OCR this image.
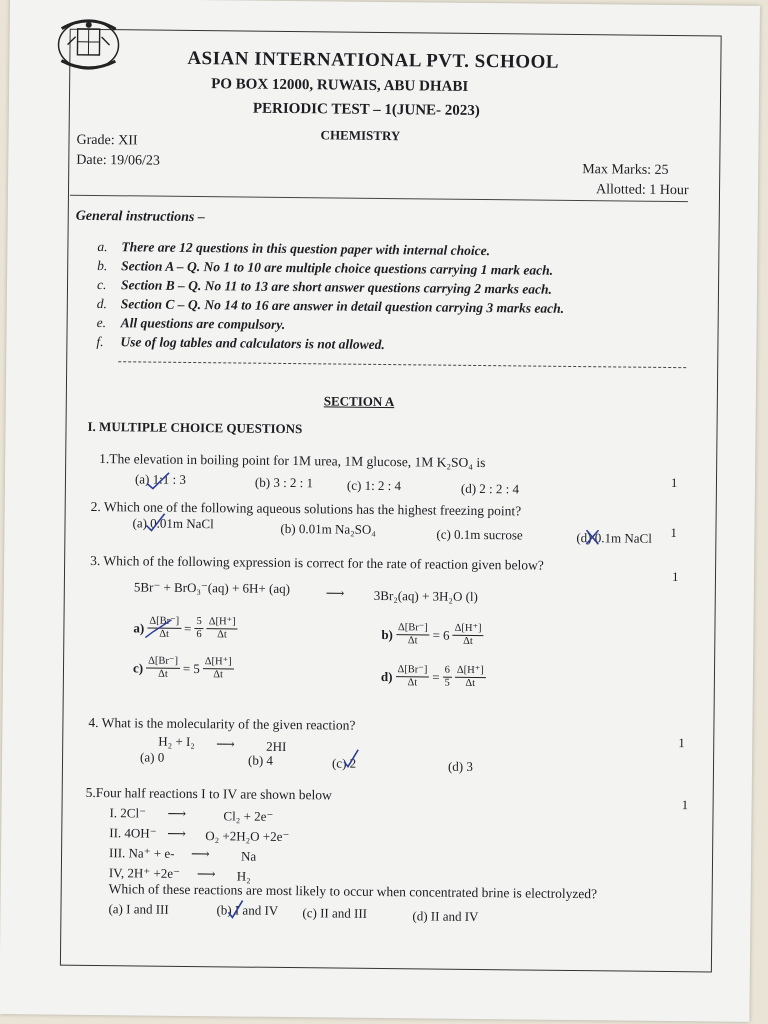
ASIAN INTERNATIONAL PVT. SCHOOL
PO BOX 12000, RUWAIS, ABU DHABI
PERIODIC TEST – 1(JUNE- 2023)
CHEMISTRY
Grade: XII
Date: 19/06/23
Max Marks: 25
Allotted: 1 Hour
General instructions –
a. There are 12 questions in this question paper with internal choice.
b. Section A – Q. No 1 to 10 are multiple choice questions carrying 1 mark each.
c. Section B – Q. No 11 to 13 are short answer questions carrying 2 marks each.
d. Section C – Q. No 14 to 16 are answer in detail question carrying 3 marks each.
e. All questions are compulsory.
f. Use of log tables and calculators is not allowed.
SECTION A
I. MULTIPLE CHOICE QUESTIONS
1.The elevation in boiling point for 1M urea, 1M glucose, 1M K₂SO₄ is
1
(a) 1:1 : 3	(b) 3 : 2 : 1	(c) 1: 2 : 4	(d) 2 : 2 : 4
2. Which one of the following aqueous solutions has the highest freezing point?
1
(a) 0.01m NaCl	(b) 0.01m Na₂SO₄	(c) 0.1m sucrose	(d) 0.1m NaCl
3. Which of the following expression is correct for the rate of reaction given below?
1
5Br⁻ + BrO₃⁻(aq) + 6H+ (aq)	⟶ 3Br₂(aq) + 3H₂O (l)
$a) \frac{\Delta[Br^-]}{\Delta t} = \frac{5}{6} \frac{\Delta[H^+]}{\Delta t}$	$b) \frac{\Delta[Br^-]}{\Delta t} = 6 \frac{\Delta[H^+]}{\Delta t}$
$c) \frac{\Delta[Br^-]}{\Delta t} = 5 \frac{\Delta[H^+]}{\Delta t}$	$d) \frac{\Delta[Br^-]}{\Delta t} = \frac{6}{5} \frac{\Delta[H^+]}{\Delta t}$
4. What is the molecularity of the given reaction?
1
H₂ + I₂ ⟶ 2HI
(a) 0	(b) 4	(c) 2	(d) 3
5.Four half reactions I to IV are shown below
1
I. 2Cl⁻ ⟶	Cl₂ + 2e⁻
II. 4OH⁻ ⟶ O₂ +2H₂O +2e⁻
III. Na⁺ + e- ⟶ Na
IV, 2H⁺ +2e⁻ ⟶ H₂
Which of these reactions are most likely to occur when concentrated brine is electrolyzed?
(a) I and III	(b) I and IV (c) II and III	(d) II and IV
